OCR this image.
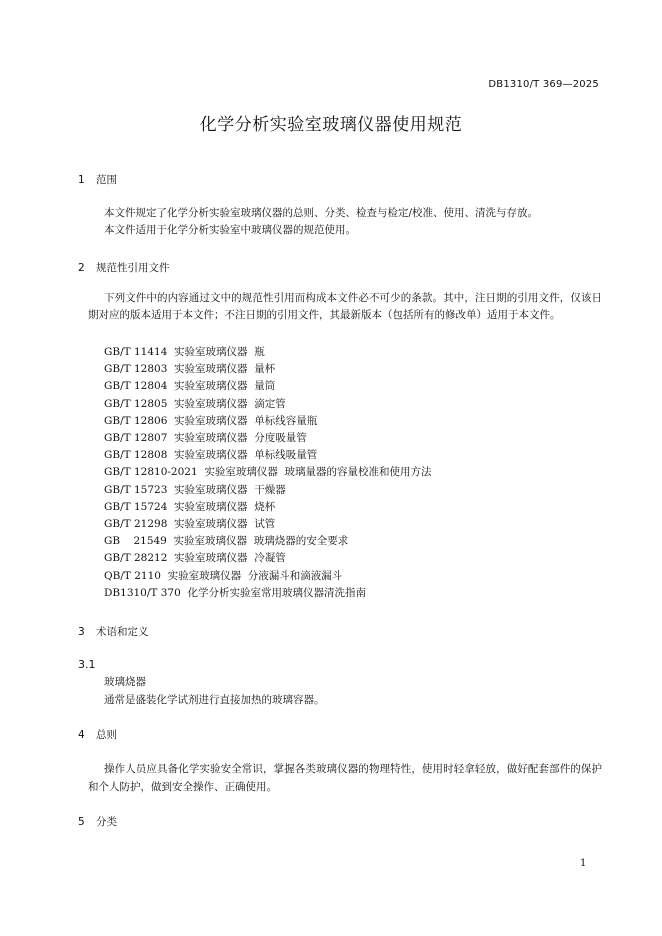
DB1310/T 369—2025
化学分析实验室玻璃仪器使用规范
1 范围

本文件规定了化学分析实验室玻璃仪器的总则、分类、检查与检定/校准、使用、清洗与存放。

本文件适用于化学分析实验室中玻璃仪器的规范使用。

2 规范性引用文件

下列文件中的内容通过文中的规范性引用而构成本文件必不可少的条款。其中，注日期的引用文件，仅该日期对应的版本适用于本文件；不注日期的引用文件，其最新版本（包括所有的修改单）适用于本文件。

GB/T 11414  实验室玻璃仪器  瓶
GB/T 12803  实验室玻璃仪器  量杯
GB/T 12804  实验室玻璃仪器  量筒
GB/T 12805  实验室玻璃仪器  滴定管
GB/T 12806  实验室玻璃仪器  单标线容量瓶
GB/T 12807  实验室玻璃仪器  分度吸量管
GB/T 12808  实验室玻璃仪器  单标线吸量管
GB/T 12810-2021  实验室玻璃仪器  玻璃量器的容量校准和使用方法
GB/T 15723  实验室玻璃仪器  干燥器
GB/T 15724  实验室玻璃仪器  烧杯
GB/T 21298  实验室玻璃仪器  试管
GB    21549  实验室玻璃仪器  玻璃烧器的安全要求
GB/T 28212  实验室玻璃仪器  冷凝管
QB/T 2110  实验室玻璃仪器  分液漏斗和滴液漏斗
DB1310/T 370  化学分析实验室常用玻璃仪器清洗指南
3 术语和定义
3.1
玻璃烧器
通常是盛装化学试剂进行直接加热的玻璃容器。
4 总则

操作人员应具备化学实验安全常识，掌握各类玻璃仪器的物理特性，使用时轻拿轻放，做好配套部件的保护和个人防护，做到安全操作、正确使用。

5 分类
1
